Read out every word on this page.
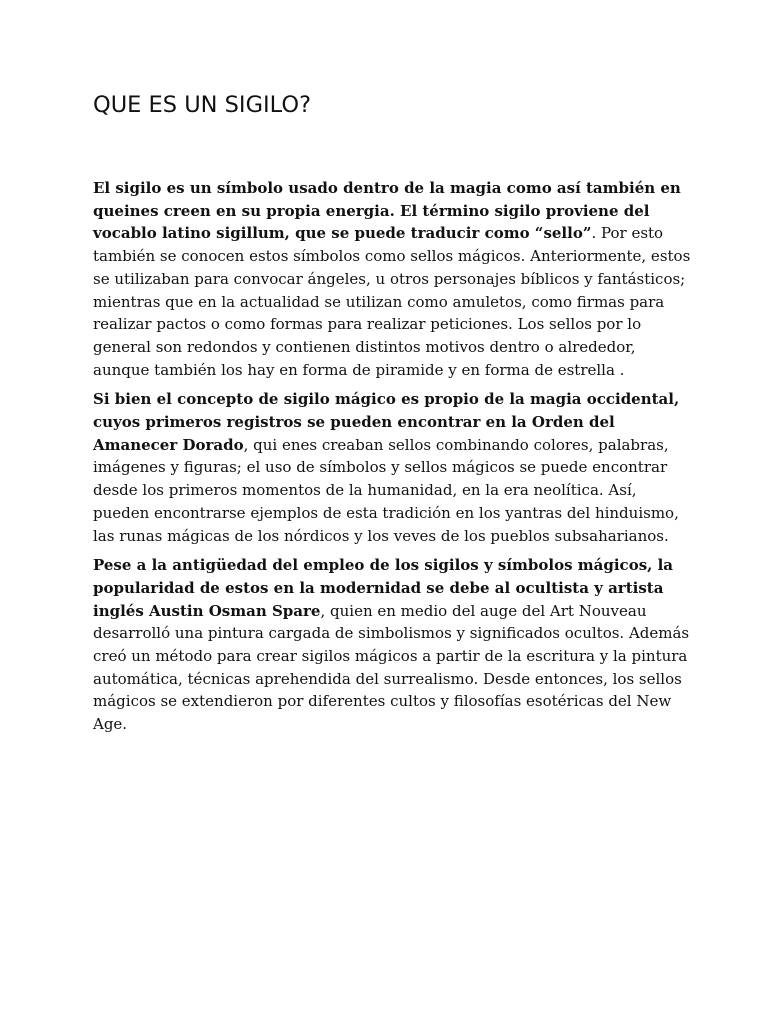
QUE ES UN SIGILO?

El sigilo es un símbolo usado dentro de la magia como así también en queines creen en su propia energia. El término sigilo proviene del vocablo latino sigillum, que se puede traducir como “sello”. Por esto también se conocen estos símbolos como sellos mágicos. Anteriormente, estos se utilizaban para convocar ángeles, u otros personajes bíblicos y fantásticos; mientras que en la actualidad se utilizan como amuletos, como firmas para realizar pactos o como formas para realizar peticiones. Los sellos por lo general son redondos y contienen distintos motivos dentro o alrededor, aunque también los hay en forma de piramide y en forma de estrella .

Si bien el concepto de sigilo mágico es propio de la magia occidental, cuyos primeros registros se pueden encontrar en la Orden del Amanecer Dorado, qui enes creaban sellos combinando colores, palabras, imágenes y figuras; el uso de símbolos y sellos mágicos se puede encontrar desde los primeros momentos de la humanidad, en la era neolítica. Así, pueden encontrarse ejemplos de esta tradición en los yantras del hinduismo, las runas mágicas de los nórdicos y los veves de los pueblos subsaharianos.

Pese a la antigüedad del empleo de los sigilos y símbolos mágicos, la popularidad de estos en la modernidad se debe al ocultista y artista inglés Austin Osman Spare, quien en medio del auge del Art Nouveau desarrolló una pintura cargada de simbolismos y significados ocultos. Además creó un método para crear sigilos mágicos a partir de la escritura y la pintura automática, técnicas aprehendida del surrealismo. Desde entonces, los sellos mágicos se extendieron por diferentes cultos y filosofías esotéricas del New Age.
